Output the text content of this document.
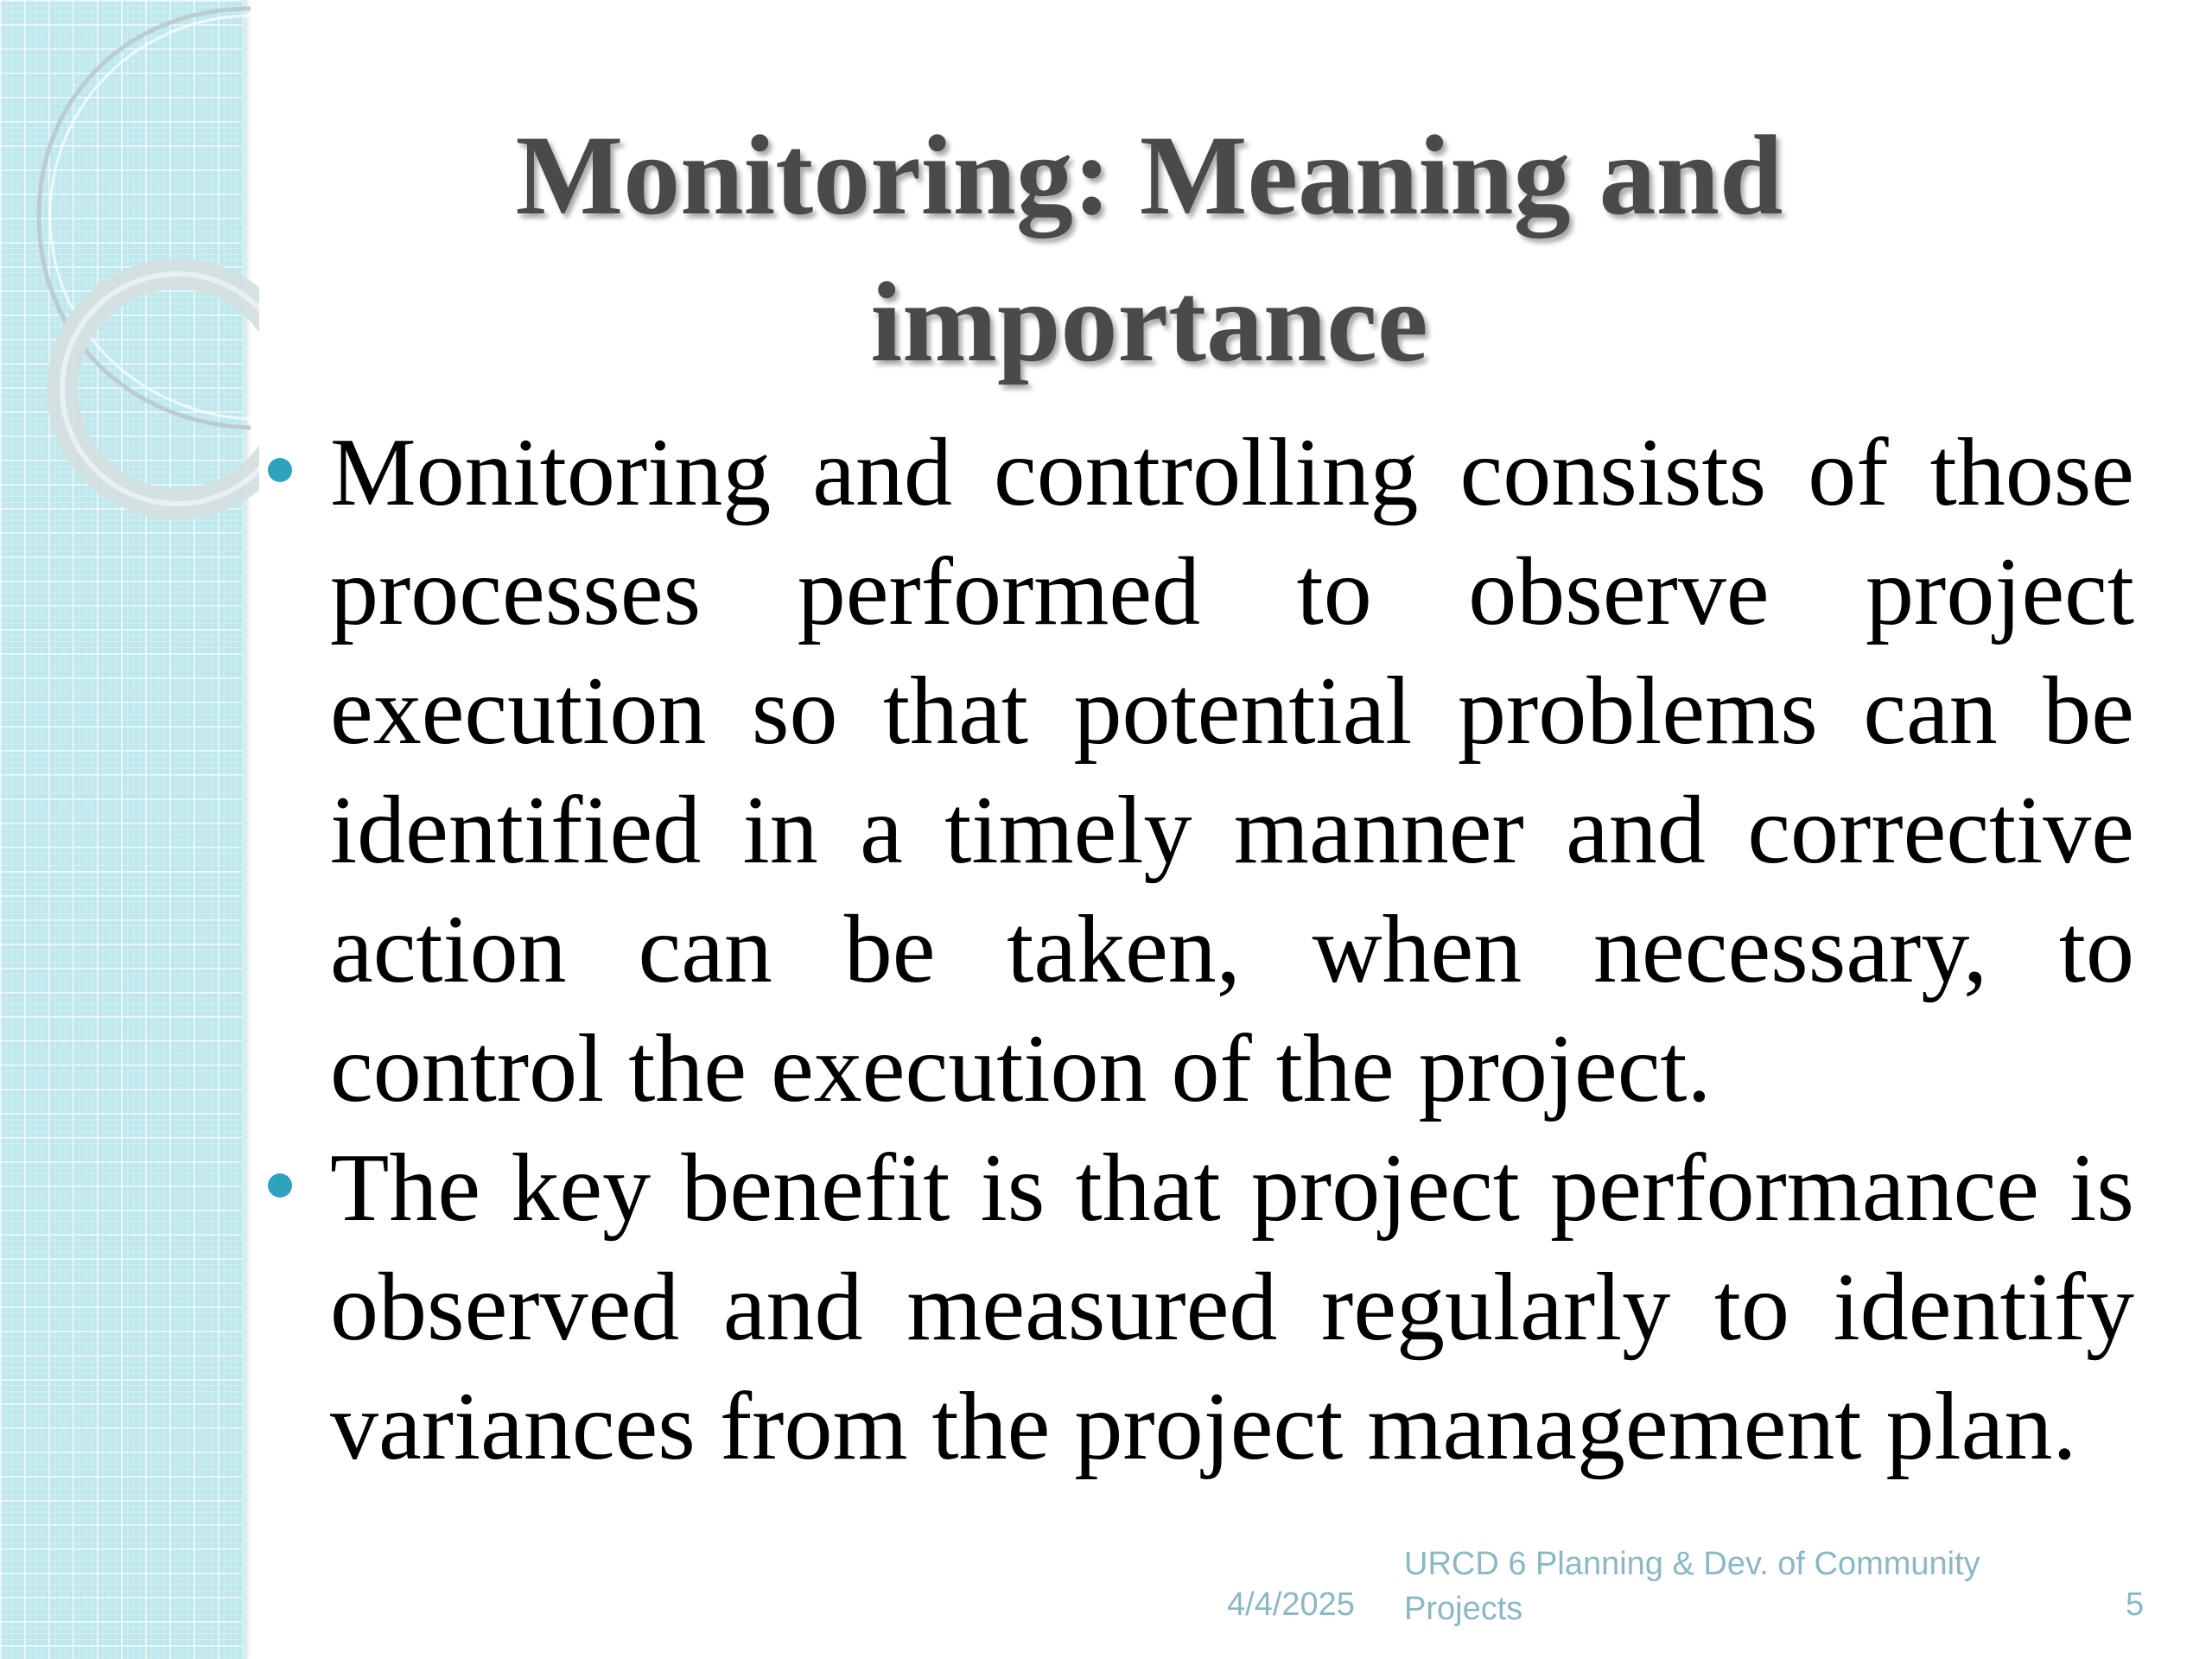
Monitoring: Meaning and importance
Monitoring and controlling consists of those processes performed to observe project execution so that potential problems can be identified in a timely manner and corrective action can be taken, when necessary, to control the execution of the project.
The key benefit is that project performance is observed and measured regularly to identify variances from the project management plan.
4/4/2025
URCD 6 Planning & Dev. of Community Projects	5
